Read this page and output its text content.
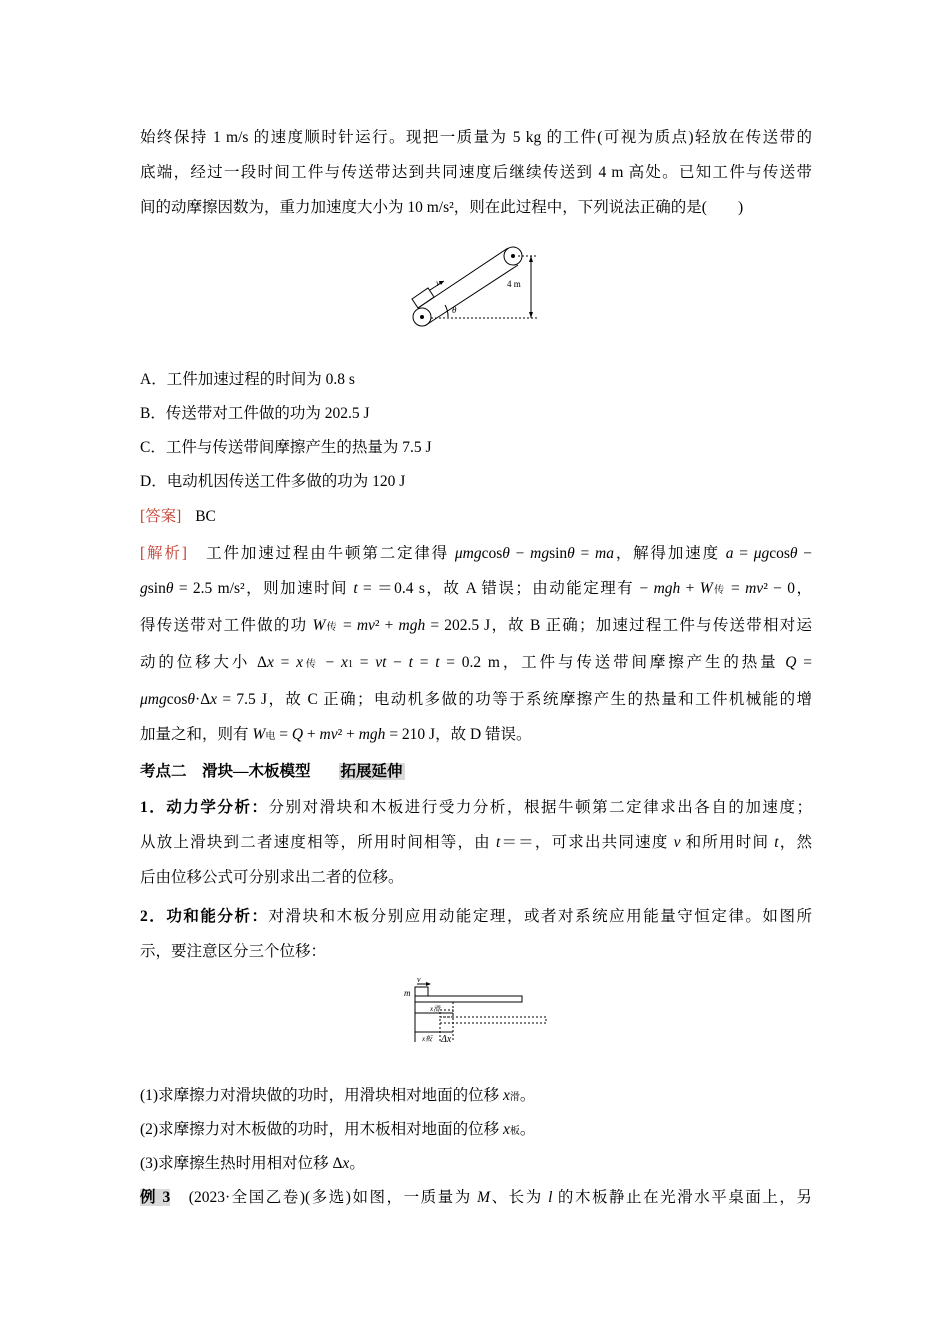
始终保持 1 m/s 的速度顺时针运行。现把一质量为 5 kg 的工件(可视为质点)轻放在传送带的
底端，经过一段时间工件与传送带达到共同速度后继续传送到 4 m 高处。已知工件与传送带
间的动摩擦因数为，重力加速度大小为 10 m/s²，则在此过程中，下列说法正确的是(　　)
v	4 m
θ
A．工件加速过程的时间为 0.8 s
B．传送带对工件做的功为 202.5 J
C．工件与传送带间摩擦产生的热量为 7.5 J
D．电动机因传送工件多做的功为 120 J
[答案] BC
[解析]　 工件加速过程由牛顿第二定律得 μmgcosθ − mgsinθ = ma，解得加速度 a = μgcosθ −
gsinθ = 2.5 m/s²，则加速时间 t = ＝0.4 s，故 A 错误；由动能定理有 − mgh + W传 = mv² − 0，
得传送带对工件做的功 W传 = mv² + mgh = 202.5 J，故 B 正确；加速过程工件与传送带相对运
动的位移大小 Δx = x传 − x1 = vt − t = t = 0.2 m，工件与传送带间摩擦产生的热量 Q =
μmgcosθ·Δx = 7.5 J，故 C 正确；电动机多做的功等于系统摩擦产生的热量和工件机械能的增
加量之和，则有 W电 = Q + mv² + mgh = 210 J，故 D 错误。
考点二　滑块—木板模型 拓展延伸
1．动力学分析：分别对滑块和木板进行受力分析，根据牛顿第二定律求出各自的加速度；
从放上滑块到二者速度相等，所用时间相等，由 t＝＝，可求出共同速度 v 和所用时间 t，然
后由位移公式可分别求出二者的位移。
2．功和能分析：对滑块和木板分别应用动能定理，或者对系统应用能量守恒定律。如图所
示，要注意区分三个位移：
v
m
x滑
x板 Δx
(1)求摩擦力对滑块做的功时，用滑块相对地面的位移 x滑。
(2)求摩擦力对木板做的功时，用木板相对地面的位移 x板。
(3)求摩擦生热时用相对位移 Δx。
例 3　(2023·全国乙卷)(多选)如图，一质量为 M、长为 l 的木板静止在光滑水平桌面上，另
